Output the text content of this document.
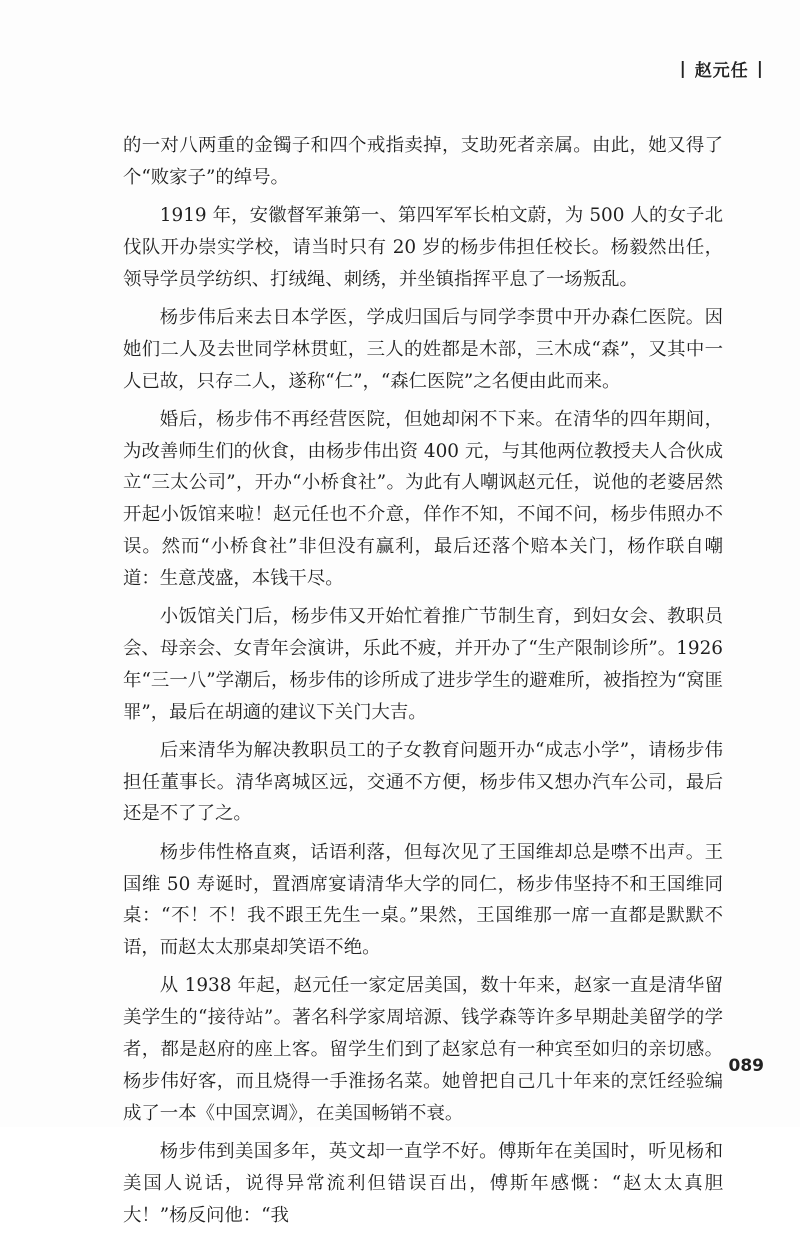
| 赵元任 |

的一对八两重的金镯子和四个戒指卖掉，支助死者亲属。由此，她又得了个“败家子”的绰号。

1919 年，安徽督军兼第一、第四军军长柏文蔚，为 500 人的女子北伐队开办崇实学校，请当时只有 20 岁的杨步伟担任校长。杨毅然出任，领导学员学纺织、打绒绳、刺绣，并坐镇指挥平息了一场叛乱。

杨步伟后来去日本学医，学成归国后与同学李贯中开办森仁医院。因她们二人及去世同学林贯虹，三人的姓都是木部，三木成“森”，又其中一人已故，只存二人，遂称“仁”，“森仁医院”之名便由此而来。

婚后，杨步伟不再经营医院，但她却闲不下来。在清华的四年期间，为改善师生们的伙食，由杨步伟出资 400 元，与其他两位教授夫人合伙成立“三太公司”，开办“小桥食社”。为此有人嘲讽赵元任，说他的老婆居然开起小饭馆来啦！赵元任也不介意，佯作不知，不闻不问，杨步伟照办不误。然而“小桥食社”非但没有赢利，最后还落个赔本关门，杨作联自嘲道：生意茂盛，本钱干尽。

小饭馆关门后，杨步伟又开始忙着推广节制生育，到妇女会、教职员会、母亲会、女青年会演讲，乐此不疲，并开办了“生产限制诊所”。1926 年“三一八”学潮后，杨步伟的诊所成了进步学生的避难所，被指控为“窝匪罪”，最后在胡適的建议下关门大吉。

后来清华为解决教职员工的子女教育问题开办“成志小学”，请杨步伟担任董事长。清华离城区远，交通不方便，杨步伟又想办汽车公司，最后还是不了了之。

杨步伟性格直爽，话语利落，但每次见了王国维却总是噤不出声。王国维 50 寿诞时，置酒席宴请清华大学的同仁，杨步伟坚持不和王国维同桌：“不！不！我不跟王先生一桌。”果然，王国维那一席一直都是默默不语，而赵太太那桌却笑语不绝。

从 1938 年起，赵元任一家定居美国，数十年来，赵家一直是清华留美学生的“接待站”。著名科学家周培源、钱学森等许多早期赴美留学的学者，都是赵府的座上客。留学生们到了赵家总有一种宾至如归的亲切感。杨步伟好客，而且烧得一手淮扬名菜。她曾把自己几十年来的烹饪经验编成了一本《中国烹调》，在美国畅销不衰。

杨步伟到美国多年，英文却一直学不好。傅斯年在美国时，听见杨和美国人说话，说得异常流利但错误百出，傅斯年感慨：“赵太太真胆大！”杨反问他：“我

089
